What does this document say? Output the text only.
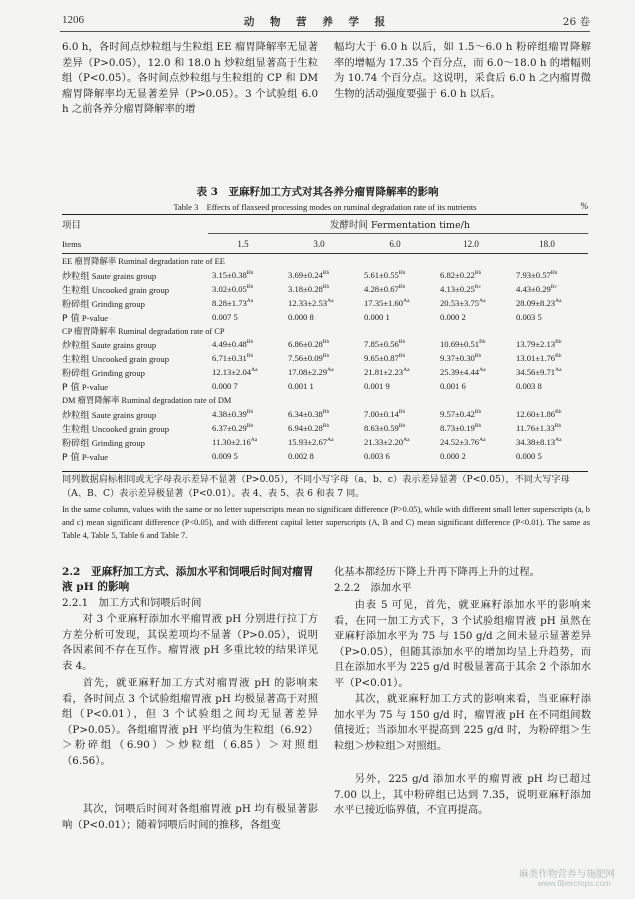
1206	动 物 营 养 学 报	26 卷
6.0 h，各时间点炒粒组与生粒组 EE 瘤胃降解率无显著差异（P>0.05），12.0 和 18.0 h 炒粒组显著高于生粒组（P<0.05）。各时间点炒粒组与生粒组的 CP 和 DM 瘤胃降解率均无显著差异（P>0.05）。3 个试验组 6.0 h 之前各养分瘤胃降解率的增
幅均大于 6.0 h 以后，如 1.5～6.0 h 粉碎组瘤胃降解率的增幅为 17.35 个百分点，而 6.0～18.0 h 的增幅则为 10.74 个百分点。这说明，采食后 6.0 h 之内瘤胃微生物的活动强度要强于 6.0 h 以后。
表 3　亚麻籽加工方式对其各养分瘤胃降解率的影响
Table 3　Effects of flaxseed processing modes on ruminal degradation rate of its nutrients	%
项目	发酵时间 Fermentation time/h
Items	1.5	3.0	6.0	12.0	18.0
EE 瘤胃降解率 Ruminal degradation rate of EE					
炒粒组 Saute grains group	$3.15\pm 0.38^{Bb}$	$3.69\pm 0.24^{Bb}$	$5.61\pm 0.55^{Bb}$	$6.82\pm 0.22^{Bb}$	$7.93\pm 0.57^{Bb}$
生粒组 Uncooked grain group	$3.02\pm 0.05^{Bb}$	$3.18\pm 0.28^{Bb}$	$4.28\pm 0.67^{Bb}$	$4.13\pm 0.25^{Bc}$	$4.43\pm 0.29^{Bc}$
粉碎组 Grinding group	$8.28\pm 1.73^{Aa}$	$12.33\pm 2.53^{Aa}$	$17.35\pm 1.60^{Aa}$	$20.53\pm 3.75^{Aa}$	$28.09\pm 8.23^{Aa}$
P 值 P-value	0.007 5	0.000 8	0.000 1	0.000 2	0.003 5
CP 瘤胃降解率 Ruminal degradation rate of CP					
炒粒组 Saute grains group	$4.49\pm 0.48^{Bb}$	$6.86\pm 0.28^{Bb}$	$7.85\pm 0.56^{Bb}$	$10.69\pm 0.51^{Bb}$	$13.79\pm 2.13^{Bb}$
生粒组 Uncooked grain group	$6.71\pm 0.31^{Bb}$	$7.56\pm 0.09^{Bb}$	$9.65\pm 0.87^{Bb}$	$9.37\pm 0.30^{Bb}$	$13.01\pm 1.76^{Bb}$
粉碎组 Grinding group	$12.13\pm 2.04^{Aa}$	$17.08\pm 2.29^{Aa}$	$21.81\pm 2.23^{Aa}$	$25.39\pm 4.44^{Aa}$	$34.56\pm 9.71^{Aa}$
P 值 P-value	0.000 7	0.001 1	0.001 9	0.001 6	0.003 8
DM 瘤胃降解率 Ruminal degradation rate of DM					
炒粒组 Saute grains group	$4.38\pm 0.39^{Bb}$	$6.34\pm 0.38^{Bb}$	$7.00\pm 0.14^{Bb}$	$9.57\pm 0.42^{Bb}$	$12.60\pm 1.86^{Bb}$
生粒组 Uncooked grain group	$6.37\pm 0.29^{Bb}$	$6.94\pm 0.28^{Bb}$	$8.63\pm 0.59^{Bb}$	$8.73\pm 0.19^{Bb}$	$11.76\pm 1.33^{Bb}$
粉碎组 Grinding group	$11.30\pm 2.16^{Aa}$	$15.93\pm 2.67^{Aa}$	$21.33\pm 2.20^{Aa}$	$24.52\pm 3.76^{Aa}$	$34.38\pm 8.13^{Aa}$
P 值 P-value	0.009 5	0.002 8	0.003 6	0.000 2	0.000 5
同列数据肩标相同或无字母表示差异不显著（P>0.05），不同小写字母（a、b、c）表示差异显著（P<0.05），不同大写字母（A、B、C）表示差异极显著（P<0.01）。表 4、表 5、表 6 和表 7 同。
In the same column, values with the same or no letter superscripts mean no significant difference (P>0.05), while with different small letter superscripts (a, b and c) mean significant difference (P<0.05), and with different capital letter superscripts (A, B and C) mean significant difference (P<0.01). The same as Table 4, Table 5, Table 6 and Table 7.
2.2　亚麻籽加工方式、添加水平和饲喂后时间对瘤胃液 pH 的影响
2.2.1　加工方式和饲喂后时间
对 3 个亚麻籽添加水平瘤胃液 pH 分别进行拉丁方方差分析可发现，其误差项均不显著（P>0.05），说明各因素间不存在互作。瘤胃液 pH 多重比较的结果详见表 4。
首先，就亚麻籽加工方式对瘤胃液 pH 的影响来看，各时间点 3 个试验组瘤胃液 pH 均极显著高于对照组（P<0.01），但 3 个试验组之间均无显著差异（P>0.05）。各组瘤胃液 pH 平均值为生粒组（6.92）＞粉碎组（6.90）＞炒粒组（6.85）＞对照组（6.56）。
其次，饲喂后时间对各组瘤胃液 pH 均有极显著影响（P<0.01）；随着饲喂后时间的推移，各组变
化基本都经历下降上升再下降再上升的过程。
2.2.2　添加水平
由表 5 可见，首先，就亚麻籽添加水平的影响来看，在同一加工方式下，3 个试验组瘤胃液 pH 虽然在亚麻籽添加水平为 75 与 150 g/d 之间未显示显著差异（P>0.05），但随其添加水平的增加均呈上升趋势，而且在添加水平为 225 g/d 时极显著高于其余 2 个添加水平（P<0.01）。
其次，就亚麻籽加工方式的影响来看，当亚麻籽添加水平为 75 与 150 g/d 时，瘤胃液 pH 在不同组间数值接近；当添加水平提高到 225 g/d 时，为粉碎组＞生粒组＞炒粒组＞对照组。
另外，225 g/d 添加水平的瘤胃液 pH 均已超过 7.00 以上，其中粉碎组已达到 7.35，说明亚麻籽添加水平已接近临界值，不宜再提高。
麻类作物营养与施肥网
www.fibercrops.com
